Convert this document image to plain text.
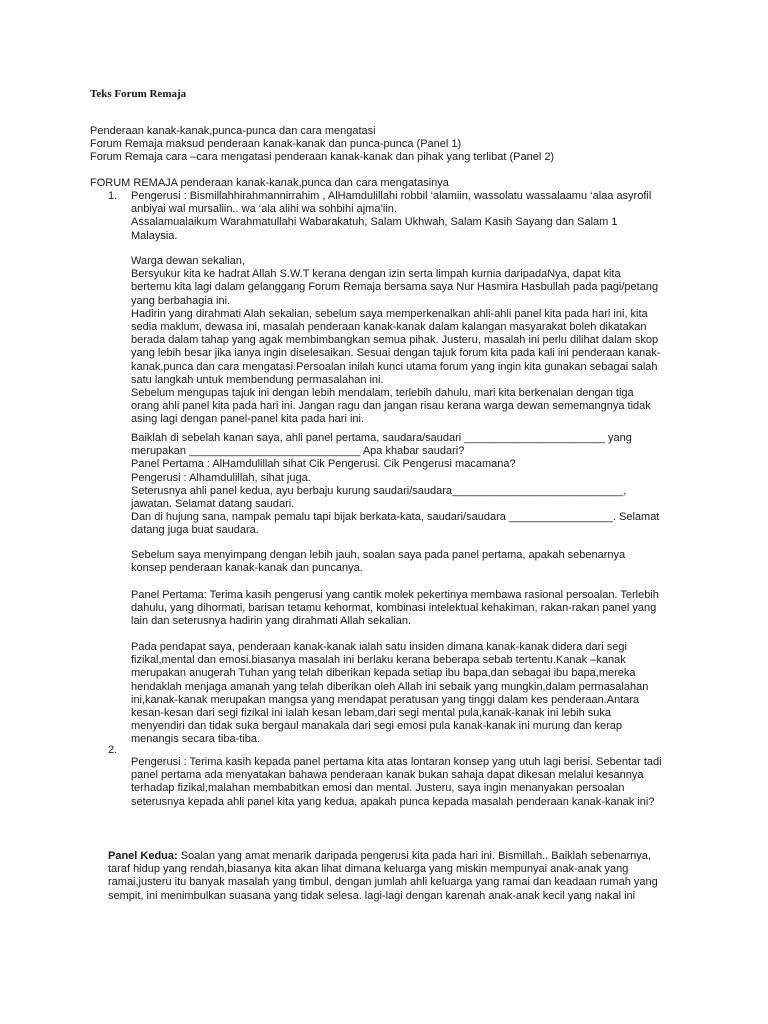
Teks Forum Remaja

Penderaan kanak-kanak,punca-punca dan cara mengatasi

Forum Remaja maksud penderaan kanak-kanak dan punca-punca (Panel 1)

Forum Remaja cara –cara mengatasi penderaan kanak-kanak dan pihak yang terlibat (Panel 2)

FORUM REMAJA penderaan kanak-kanak,punca dan cara mengatasinya

1. Pengerusi : Bismillahhirahmannirrahim , AlHamdulillahi robbil ‘alamiin, wassolatu wassalaamu ‘alaa asyrofil
anbiyai wal mursaliin.. wa ‘ala alihi wa sohbihi ajma’iin.
Assalamualaikum Warahmatullahi Wabarakatuh, Salam Ukhwah, Salam Kasih Sayang dan Salam 1
Malaysia.

Warga dewan sekalian,
Bersyukur kita ke hadrat Allah S.W.T kerana dengan izin serta limpah kurnia daripadaNya, dapat kita
bertemu kita lagi dalam gelanggang Forum Remaja bersama saya Nur Hasmira Hasbullah pada pagi/petang
yang berbahagia ini.
Hadirin yang dirahmati Alah sekalian, sebelum saya memperkenalkan ahli-ahli panel kita pada hari ini, kita
sedia maklum, dewasa ini, masalah penderaan kanak-kanak dalam kalangan masyarakat boleh dikatakan
berada dalam tahap yang agak membimbangkan semua pihak. Justeru, masalah ini perlu dilihat dalam skop
yang lebih besar jika ianya ingin diselesaikan. Sesuai dengan tajuk forum kita pada kali ini penderaan kanak-
kanak,punca dan cara mengatasi.Persoalan inilah kunci utama forum yang ingin kita gunakan sebagai salah
satu langkah untuk membendung permasalahan ini.
Sebelum mengupas tajuk ini dengan lebih mendalam, terlebih dahulu, mari kita berkenalan dengan tiga
orang ahli panel kita pada hari ini. Jangan ragu dan jangan risau kerana warga dewan sememangnya tidak
asing lagi dengan panel-panel kita pada hari ini.

Baiklah di sebelah kanan saya, ahli panel pertama, saudara/saudari _______________________ yang
merupakan ____________________________ Apa khabar saudari?
Panel Pertama : AlHamdulillah sihat Cik Pengerusi. Cik Pengerusi macamana?
Pengerusi : Alhamdulillah, sihat juga.
Seterusnya ahli panel kedua, ayu berbaju kurung saudari/saudara____________________________,
jawatan. Selamat datang saudari.
Dan di hujung sana, nampak pemalu tapi bijak berkata-kata, saudari/saudara _________________. Selamat
datang juga buat saudara.

Sebelum saya menyimpang dengan lebih jauh, soalan saya pada panel pertama, apakah sebenarnya
konsep penderaan kanak-kanak dan puncanya.

Panel Pertama: Terima kasih pengerusi yang cantik molek pekertinya membawa rasional persoalan. Terlebih
dahulu, yang dihormati, barisan tetamu kehormat, kombinasi intelektual kehakiman, rakan-rakan panel yang
lain dan seterusnya hadirin yang dirahmati Allah sekalian.

Pada pendapat saya, penderaan kanak-kanak ialah satu insiden dimana kanak-kanak didera dari segi
fizikal,mental dan emosi.biasanya masalah ini berlaku kerana beberapa sebab tertentu.Kanak –kanak
merupakan anugerah Tuhan yang telah diberikan kepada setiap ibu bapa,dan sebagai ibu bapa,mereka
hendaklah menjaga amanah yang telah diberikan oleh Allah ini sebaik yang mungkin,dalam permasalahan
ini,kanak-kanak merupakan mangsa yang mendapat peratusan yang tinggi dalam kes penderaan.Antara
kesan-kesan dari segi fizikal ini ialah kesan lebam,dari segi mental pula,kanak-kanak ini lebih suka
menyendiri dan tidak suka bergaul manakala dari segi emosi pula kanak-kanak ini murung dan kerap
menangis secara tiba-tiba.

2.

Pengerusi : Terima kasih kepada panel pertama kita atas lontaran konsep yang utuh lagi berisi. Sebentar tadi
panel pertama ada menyatakan bahawa penderaan kanak bukan sahaja dapat dikesan melalui kesannya
terhadap fizikal,malahan membabitkan emosi dan mental. Justeru, saya ingin menanyakan persoalan
seterusnya kepada ahli panel kita yang kedua, apakah punca kepada masalah penderaan kanak-kanak ini?

Panel Kedua: Soalan yang amat menarik daripada pengerusi kita pada hari ini. Bismillah.. Baiklah sebenarnya,
taraf hidup yang rendah,biasanya kita akan lihat dimana keluarga yang miskin mempunyai anak-anak yang
ramai,justeru itu banyak masalah yang timbul, dengan jumlah ahli keluarga yang ramai dan keadaan rumah yang
sempit, ini menimbulkan suasana yang tidak selesa. lagi-lagi dengan karenah anak-anak kecil yang nakal ini
